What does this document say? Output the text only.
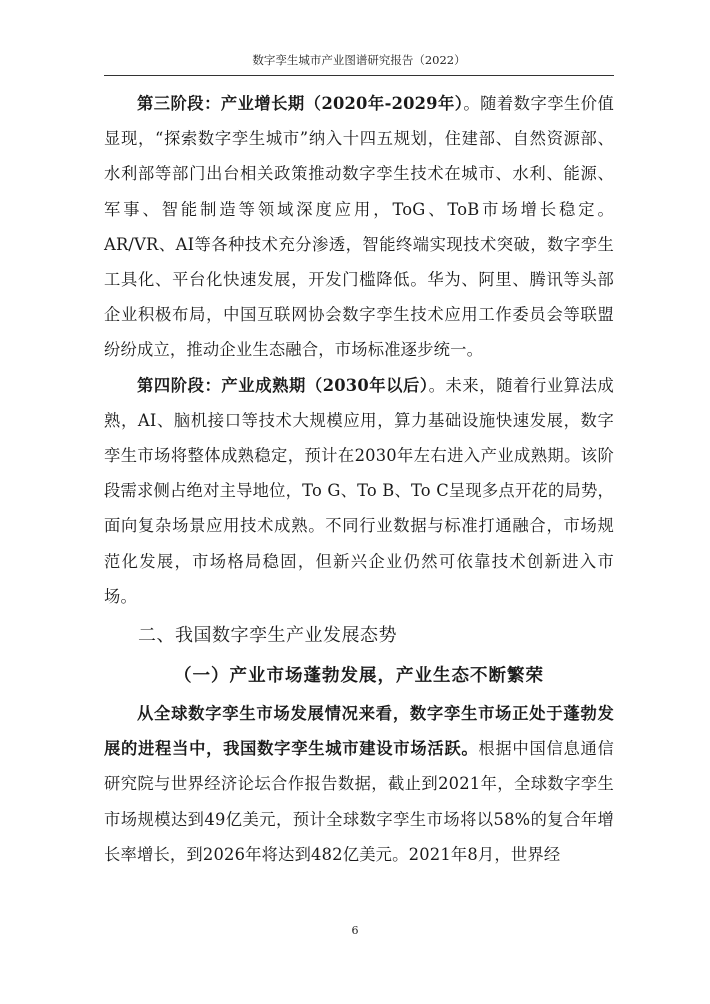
数字孪生城市产业图谱研究报告（2022）

第三阶段：产业增长期（2020年-2029年）。随着数字孪生价值显现，“探索数字孪生城市”纳入十四五规划，住建部、自然资源部、水利部等部门出台相关政策推动数字孪生技术在城市、水利、能源、军事、智能制造等领域深度应用，ToG、ToB市场增长稳定。AR/VR、AI等各种技术充分渗透，智能终端实现技术突破，数字孪生工具化、平台化快速发展，开发门槛降低。华为、阿里、腾讯等头部企业积极布局，中国互联网协会数字孪生技术应用工作委员会等联盟纷纷成立，推动企业生态融合，市场标准逐步统一。

第四阶段：产业成熟期（2030年以后）。未来，随着行业算法成熟，AI、脑机接口等技术大规模应用，算力基础设施快速发展，数字孪生市场将整体成熟稳定，预计在2030年左右进入产业成熟期。该阶段需求侧占绝对主导地位，To G、To B、To C呈现多点开花的局势，面向复杂场景应用技术成熟。不同行业数据与标准打通融合，市场规范化发展，市场格局稳固，但新兴企业仍然可依靠技术创新进入市场。

二、我国数字孪生产业发展态势
（一）产业市场蓬勃发展，产业生态不断繁荣

从全球数字孪生市场发展情况来看，数字孪生市场正处于蓬勃发展的进程当中，我国数字孪生城市建设市场活跃。根据中国信息通信研究院与世界经济论坛合作报告数据，截止到2021年，全球数字孪生市场规模达到49亿美元，预计全球数字孪生市场将以58%的复合年增长率增长，到2026年将达到482亿美元。2021年8月，世界经

6
